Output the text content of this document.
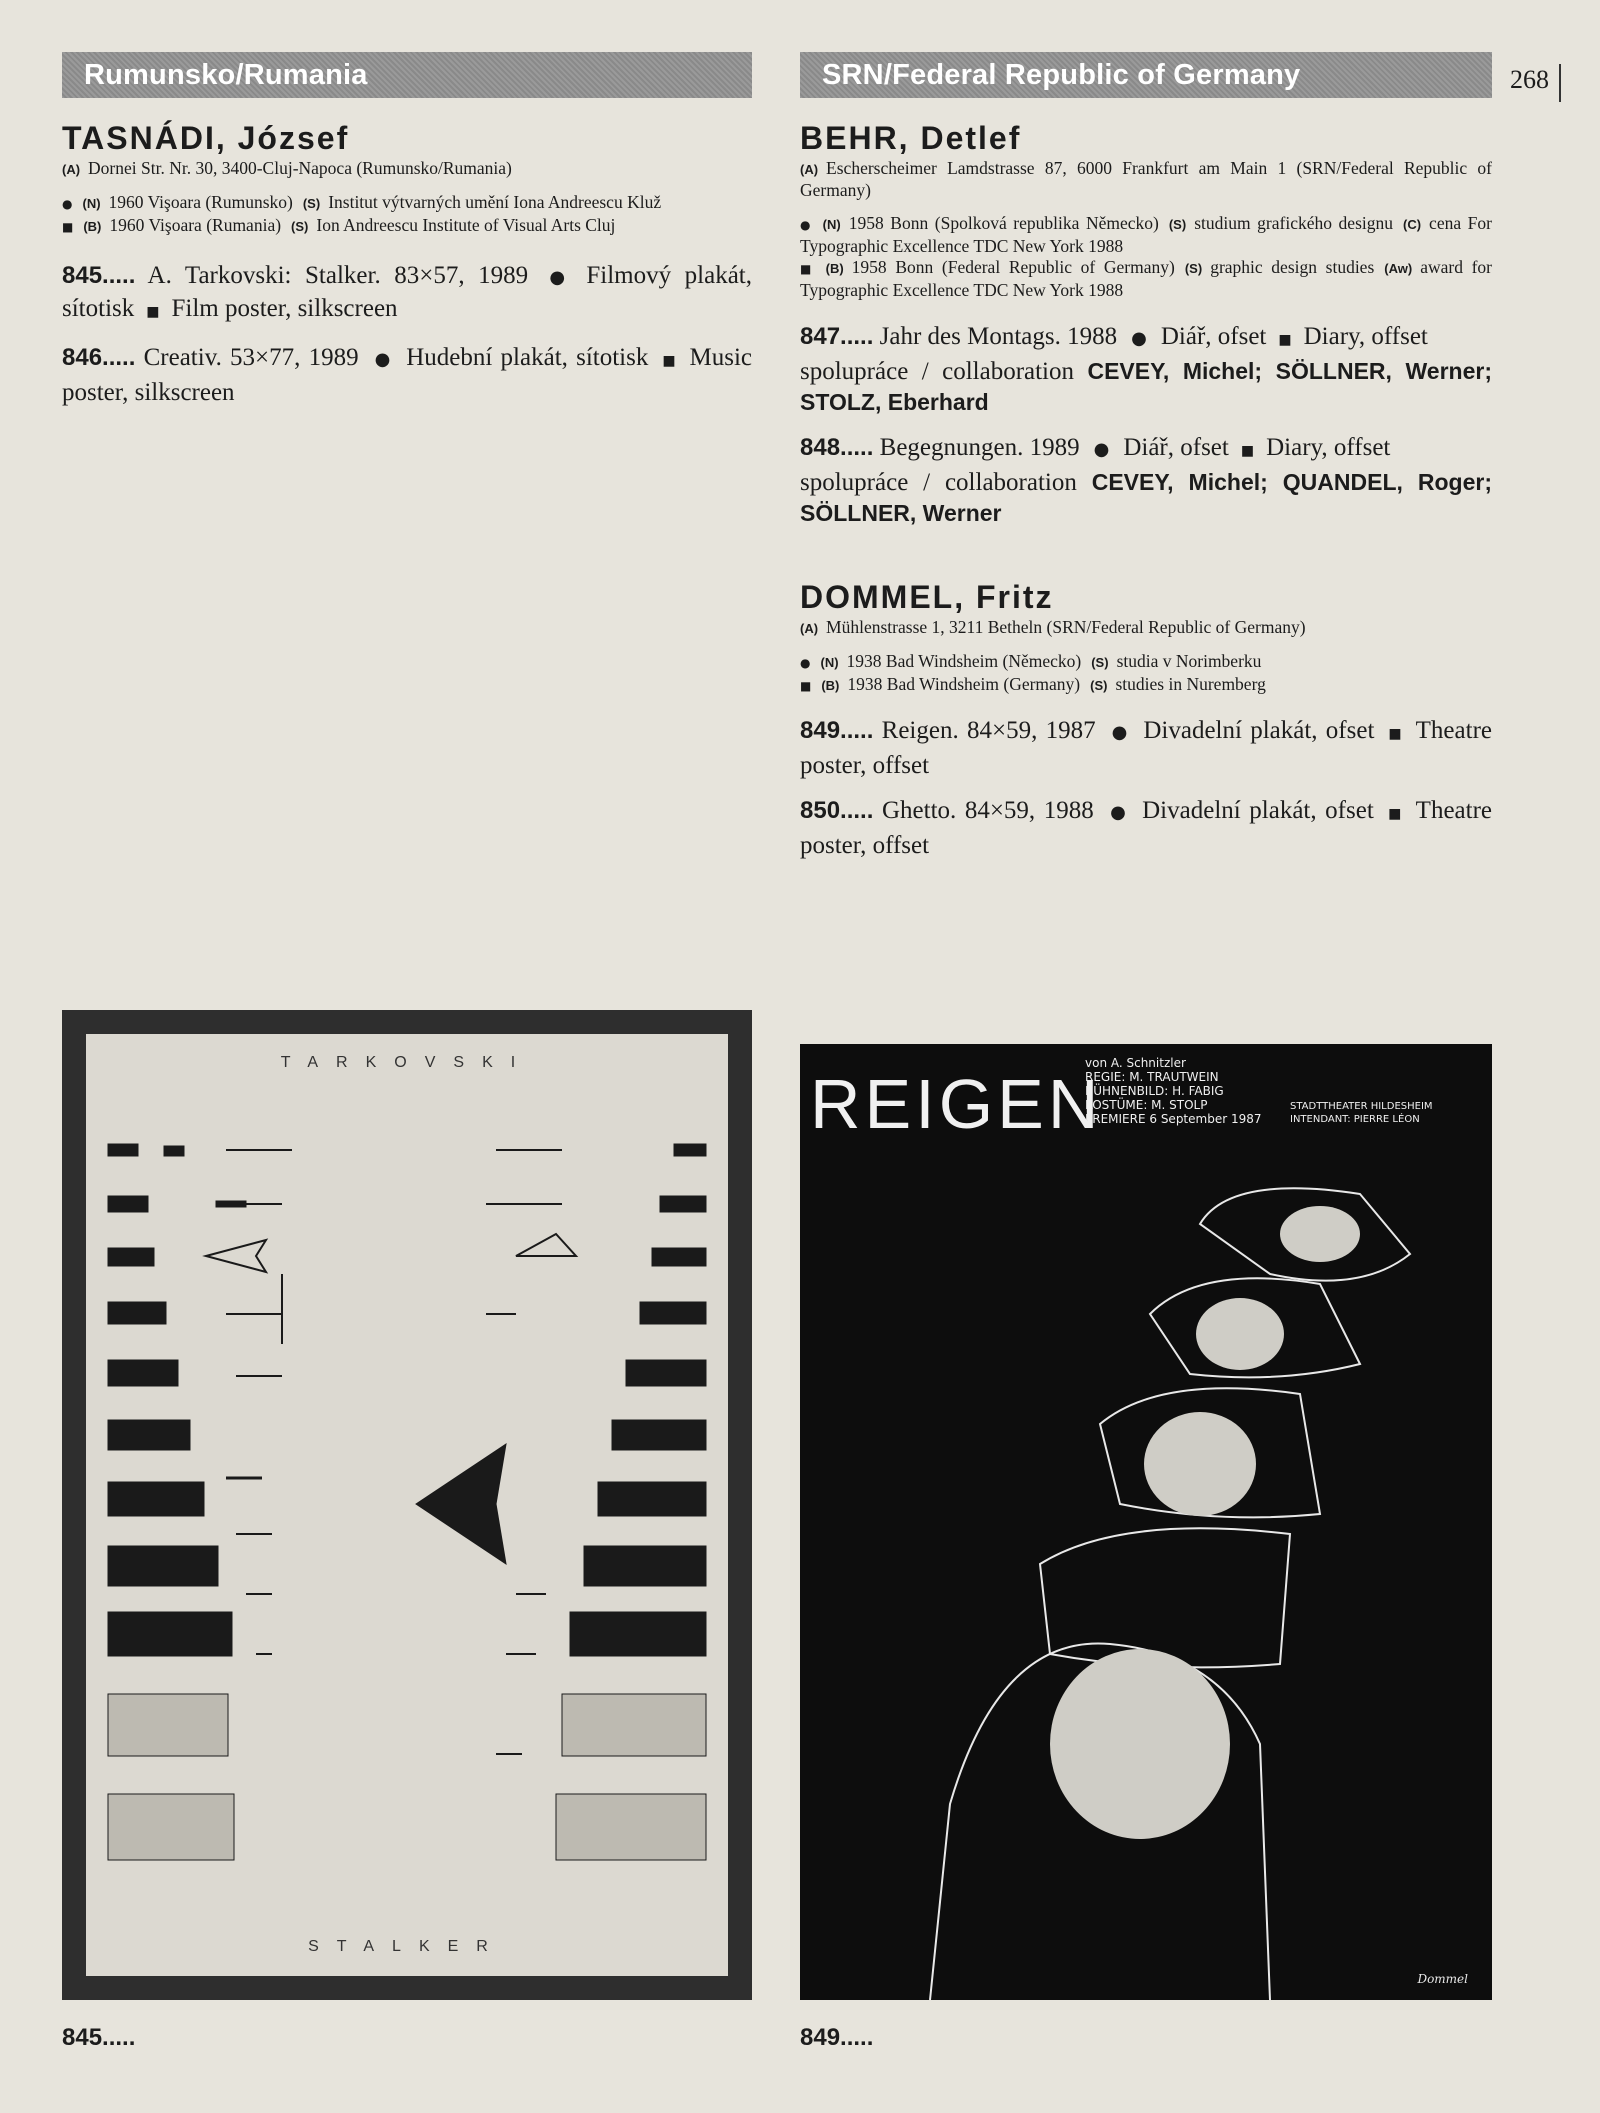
268
Rumunsko/Rumania
TASNÁDI, József
(A) Dornei Str. Nr. 30, 3400-Cluj-Napoca (Rumunsko/Rumania)
● (N) 1960 Vişoara (Rumunsko) (S) Institut výtvarných umění Iona Andreescu Kluž
■ (B) 1960 Vişoara (Rumania) (S) Ion Andreescu Institute of Visual Arts Cluj
845..... A. Tarkovski: Stalker. 83×57, 1989 ● Filmový plakát, sítotisk ■ Film poster, silkscreen
846..... Creativ. 53×77, 1989 ● Hudební plakát, sítotisk ■ Music poster, silkscreen
SRN/Federal Republic of Germany
BEHR, Detlef
(A) Escherscheimer Lamdstrasse 87, 6000 Frankfurt am Main 1 (SRN/Federal Republic of Germany)
● (N) 1958 Bonn (Spolková republika Německo) (S) studium grafického designu (C) cena For Typographic Excellence TDC New York 1988
■ (B) 1958 Bonn (Federal Republic of Germany) (S) graphic design studies (Aw) award for Typographic Excellence TDC New York 1988
847..... Jahr des Montags. 1988 ● Diář, ofset ■ Diary, offset
spolupráce / collaboration CEVEY, Michel; SÖLLNER, Werner; STOLZ, Eberhard
848..... Begegnungen. 1989 ● Diář, ofset ■ Diary, offset
spolupráce / collaboration CEVEY, Michel; QUANDEL, Roger; SÖLLNER, Werner
DOMMEL, Fritz
(A) Mühlenstrasse 1, 3211 Betheln (SRN/Federal Republic of Germany)
● (N) 1938 Bad Windsheim (Německo) (S) studia v Norimberku
■ (B) 1938 Bad Windsheim (Germany) (S) studies in Nuremberg
849..... Reigen. 84×59, 1987 ● Divadelní plakát, ofset ■ Theatre poster, offset
850..... Ghetto. 84×59, 1988 ● Divadelní plakát, ofset ■ Theatre poster, offset
TARKOVSKI
STALKER
845.....
REIGEN
von A. Schnitzler
REGIE: M. TRAUTWEIN
BÜHNENBILD: H. FABIG
KOSTÜME: M. STOLP
PREMIERE 6 September 1987
STADTTHEATER HILDESHEIM
INTENDANT: PIERRE LÉON
Dommel
849.....
